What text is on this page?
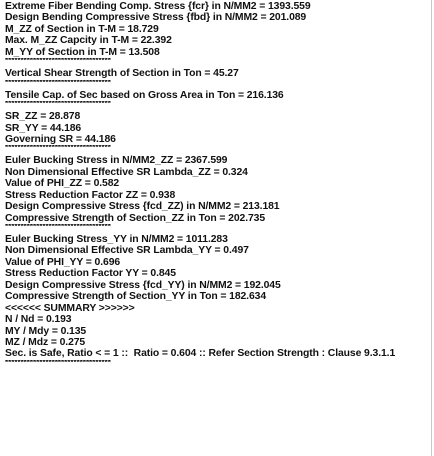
Extreme Fiber Bending Comp. Stress {fcr} in N/MM2 = 1393.559
Design Bending Compressive Stress {fbd} in N/MM2 = 201.089
M_ZZ of Section in T-M = 18.729
Max. M_ZZ Capcity in T-M = 22.392
M_YY of Section in T-M = 13.508
**********************************
Vertical Shear Strength of Section in Ton = 45.27
**********************************
Tensile Cap. of Sec based on Gross Area in Ton = 216.136
**********************************
SR_ZZ = 28.878
SR_YY = 44.186
Governing SR = 44.186
**********************************
Euler Bucking Stress in N/MM2_ZZ = 2367.599
Non Dimensional Effective SR Lambda_ZZ = 0.324
Value of PHI_ZZ = 0.582
Stress Reduction Factor ZZ = 0.938
Design Compressive Stress {fcd_ZZ) in N/MM2 = 213.181
Compressive Strength of Section_ZZ in Ton = 202.735
**********************************
Euler Bucking Stress_YY in N/MM2 = 1011.283
Non Dimensional Effective SR Lambda_YY = 0.497
Value of PHI_YY = 0.696
Stress Reduction Factor YY = 0.845
Design Compressive Stress {fcd_YY) in N/MM2 = 192.045
Compressive Strength of Section_YY in Ton = 182.634
<<<<<< SUMMARY >>>>>>
N / Nd = 0.193
MY / Mdy = 0.135
MZ / Mdz = 0.275
Sec. is Safe, Ratio < = 1 ::  Ratio = 0.604 :: Refer Section Strength : Clause 9.3.1.1
**********************************
